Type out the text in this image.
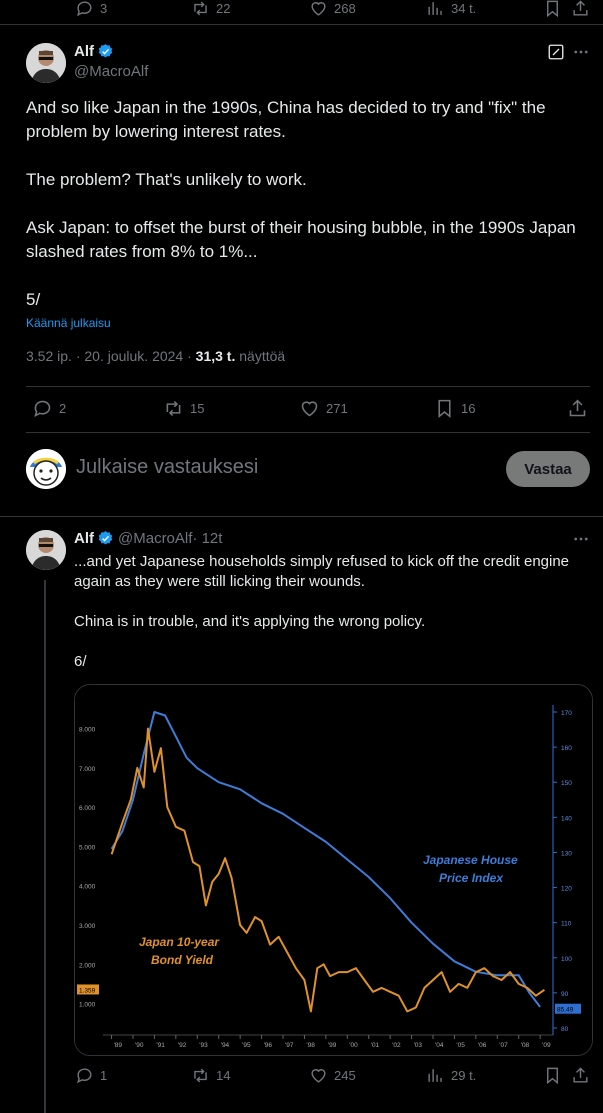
3	22	268	34 t.
Alf
@MacroAlf

And so like Japan in the 1990s, China has decided to try and "fix" the problem by lowering interest rates.

The problem? That's unlikely to work.

Ask Japan: to offset the burst of their housing bubble, in the 1990s Japan slashed rates from 8% to 1%...

5/

Käännä julkaisu
3.52 ip. · 20. jouluk. 2024 · 31,3 t. näyttöä
2	15	271	16
Julkaise vastauksesi	Vastaa
Alf @MacroAlf · 12t

...and yet Japanese households simply refused to kick off the credit engine again as they were still licking their wounds.

China is in trouble, and it's applying the wrong policy.

6/

8.000
7.000
6.000
5.000
4.000
3.000
2.000
1.000
170
160
150
140
130
120
110
100
90
80
'89 '90 '91 '92 '93 '94 '95 '96 '97 '98 '99 '00 '01 '02 '03 '04 '05 '06 '07 '08 '09
1.359
85.49
Japanese House
Price Index
Japan 10-year
Bond Yield
1	14	245	29 t.
